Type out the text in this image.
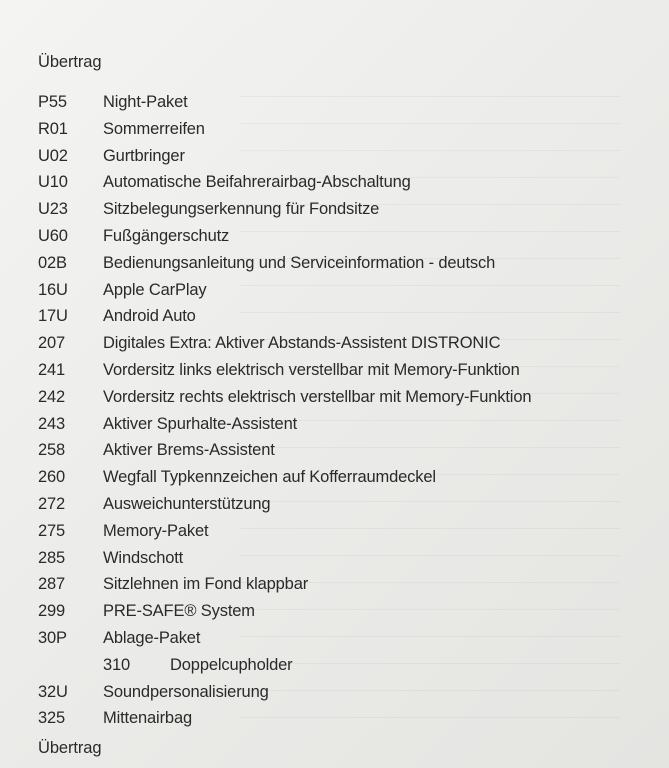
Übertrag
P55 Night-Paket
R01 Sommerreifen
U02 Gurtbringer
U10 Automatische Beifahrerairbag-Abschaltung
U23 Sitzbelegungserkennung für Fondsitze
U60 Fußgängerschutz
02B Bedienungsanleitung und Serviceinformation - deutsch
16U Apple CarPlay
17U Android Auto
207 Digitales Extra: Aktiver Abstands-Assistent DISTRONIC
241 Vordersitz links elektrisch verstellbar mit Memory-Funktion
242 Vordersitz rechts elektrisch verstellbar mit Memory-Funktion
243 Aktiver Spurhalte-Assistent
258 Aktiver Brems-Assistent
260 Wegfall Typkennzeichen auf Kofferraumdeckel
272 Ausweichunterstützung
275 Memory-Paket
285 Windschott
287 Sitzlehnen im Fond klappbar
299 PRE-SAFE® System
30P Ablage-Paket
310 Doppelcupholder
32U Soundpersonalisierung
325 Mittenairbag
Übertrag
